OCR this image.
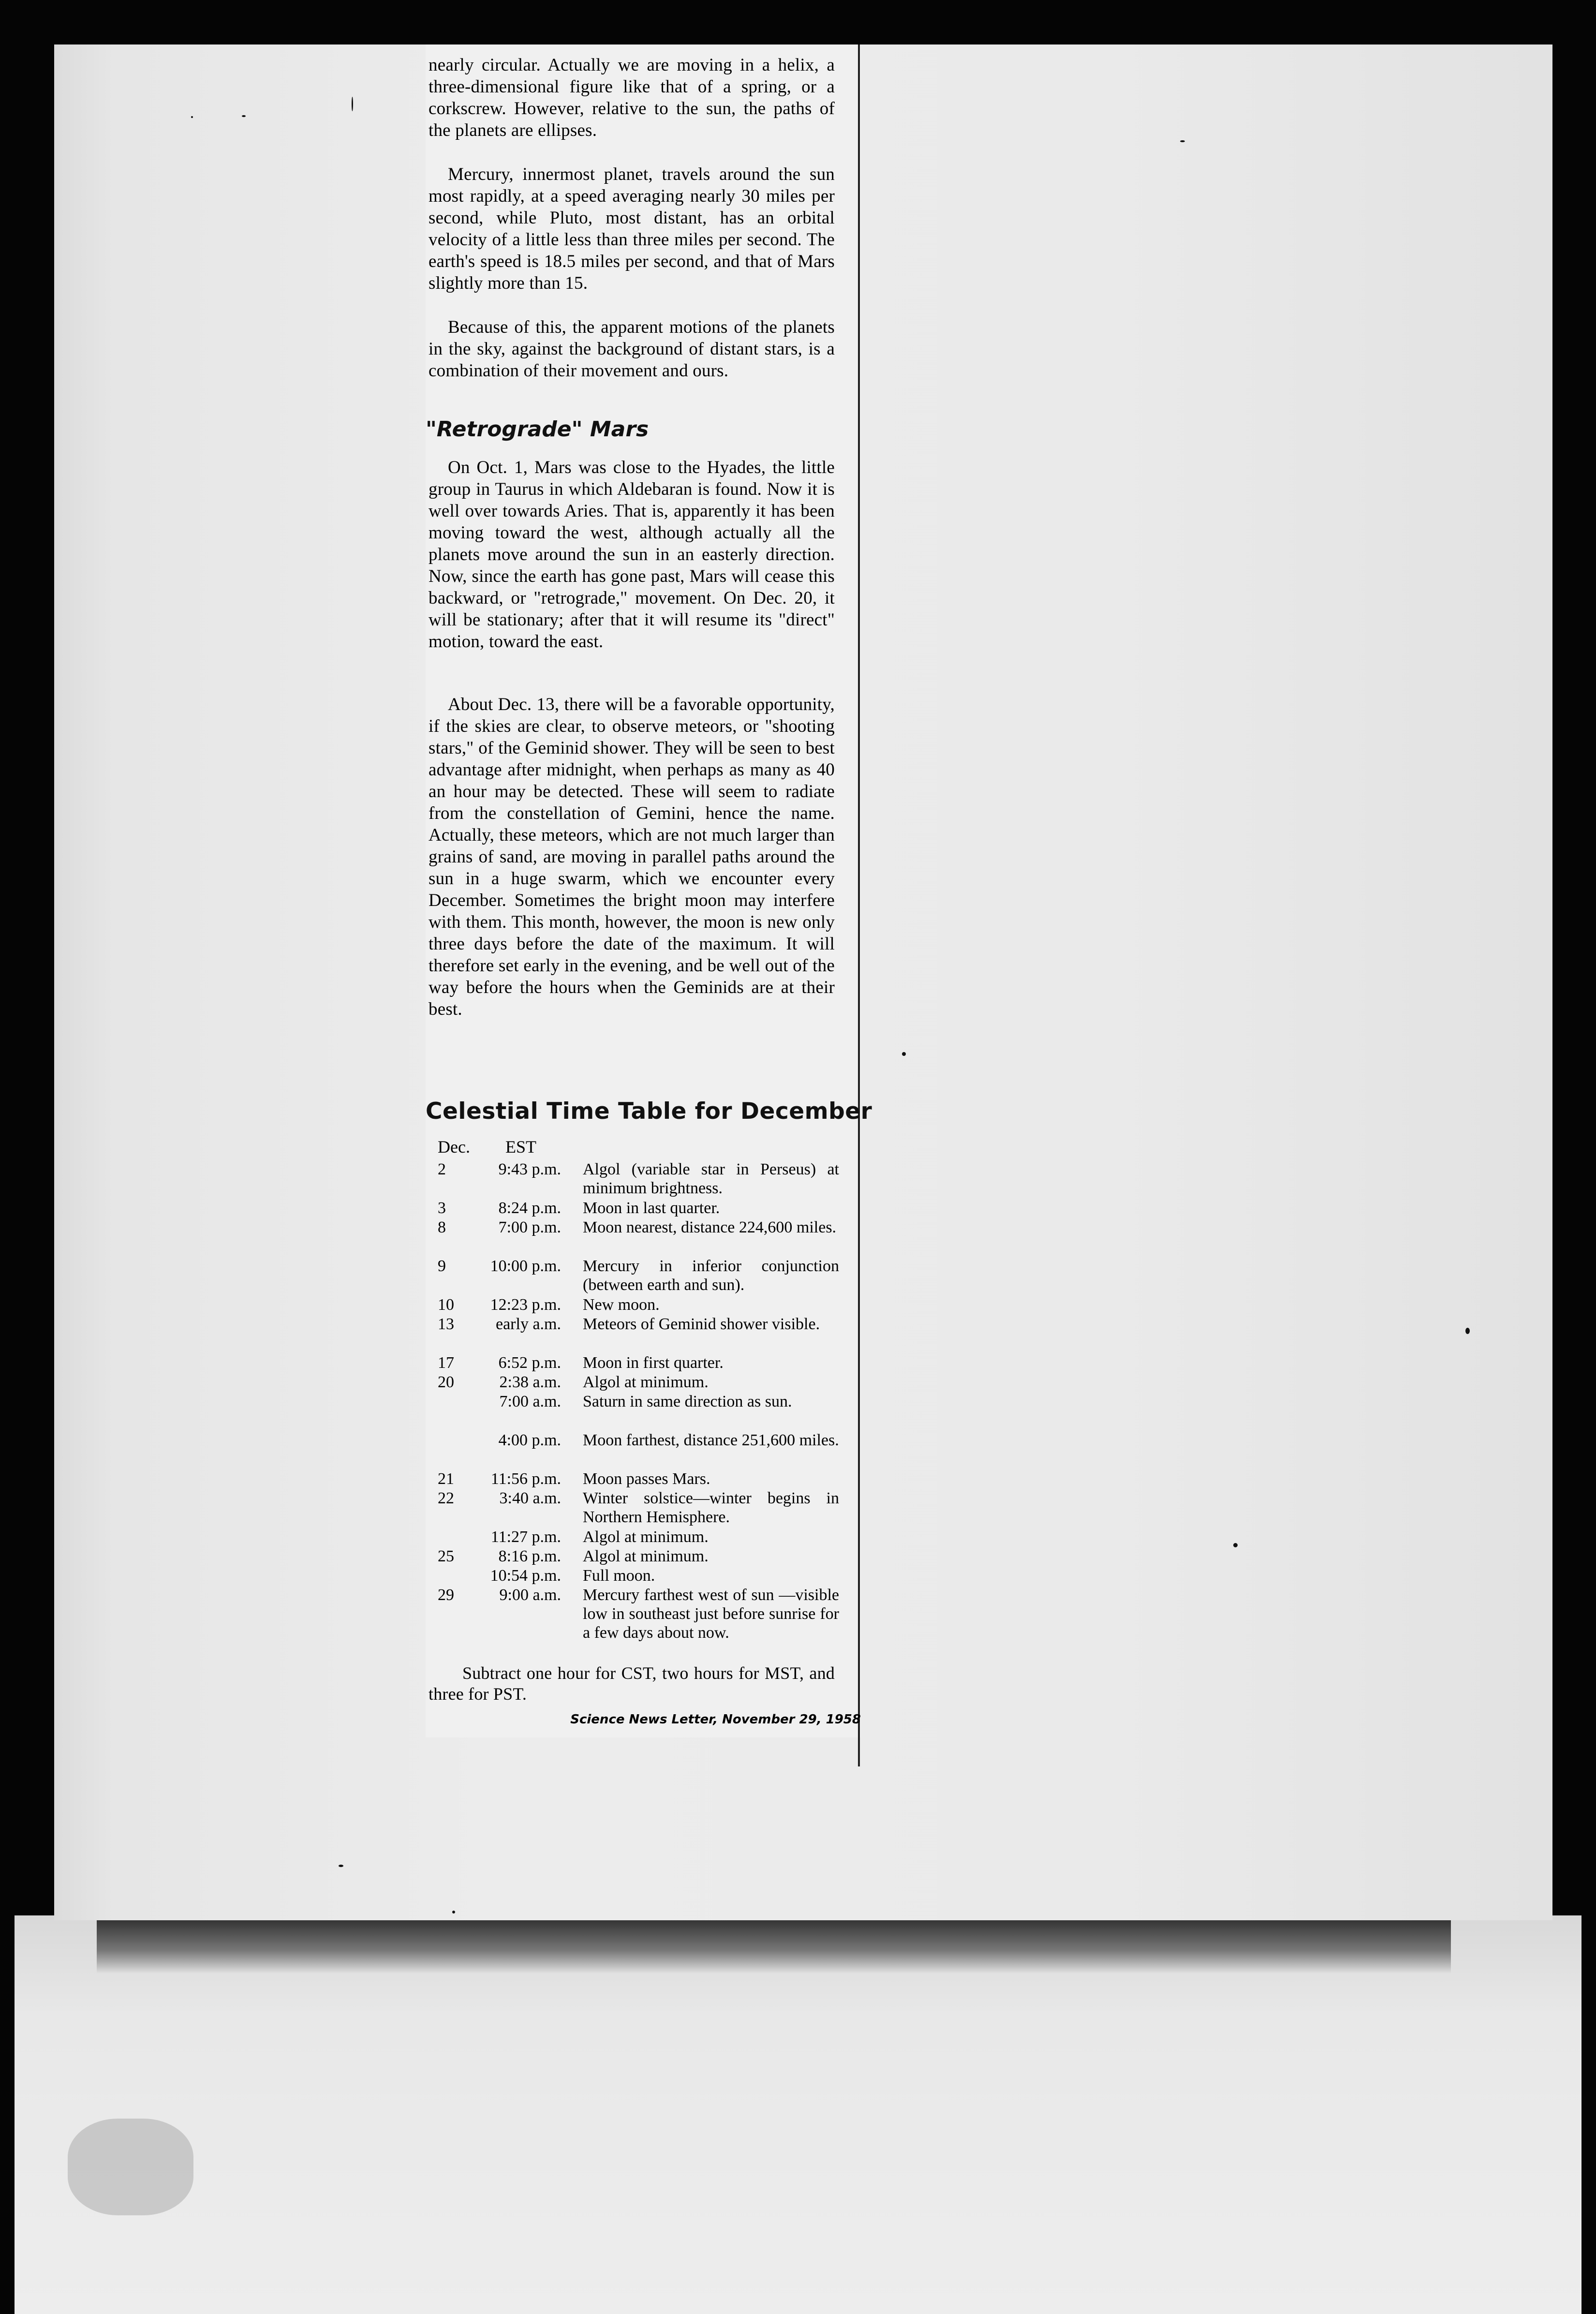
nearly circular. Actually we are moving in a helix, a three-dimensional figure like that of a spring, or a corkscrew. However, relative to the sun, the paths of the planets are ellipses.

Mercury, innermost planet, travels around the sun most rapidly, at a speed averaging nearly 30 miles per second, while Pluto, most distant, has an orbital velocity of a little less than three miles per second. The earth's speed is 18.5 miles per second, and that of Mars slightly more than 15.

Because of this, the apparent motions of the planets in the sky, against the background of distant stars, is a combination of their movement and ours.

"Retrograde" Mars

On Oct. 1, Mars was close to the Hyades, the little group in Taurus in which Aldebaran is found. Now it is well over towards Aries. That is, apparently it has been moving toward the west, although actually all the planets move around the sun in an easterly direction. Now, since the earth has gone past, Mars will cease this backward, or "retrograde," movement. On Dec. 20, it will be stationary; after that it will resume its "direct" motion, toward the east.

About Dec. 13, there will be a favorable opportunity, if the skies are clear, to observe meteors, or "shooting stars," of the Geminid shower. They will be seen to best advantage after midnight, when perhaps as many as 40 an hour may be detected. These will seem to radiate from the constellation of Gemini, hence the name. Actually, these meteors, which are not much larger than grains of sand, are moving in parallel paths around the sun in a huge swarm, which we encounter every December. Sometimes the bright moon may interfere with them. This month, however, the moon is new only three days before the date of the maximum. It will therefore set early in the evening, and be well out of the way before the hours when the Geminids are at their best.

Celestial Time Table for December
Dec. EST
2	9:43 p.m. Algol (variable star in Perseus) at minimum brightness.
3	8:24 p.m. Moon in last quarter.
8	7:00 p.m. Moon nearest, distance 224,600 miles.
9	10:00 p.m. Mercury in inferior conjunction (between earth and sun).
10	12:23 p.m. New moon.
13	early a.m. Meteors of Geminid shower visible.
17	6:52 p.m. Moon in first quarter.
20	2:38 a.m. Algol at minimum.
7:00 a.m. Saturn in same direction as sun.
4:00 p.m. Moon farthest, distance 251,600 miles.
21	11:56 p.m. Moon passes Mars.
22	3:40 a.m. Winter solstice—winter begins in Northern Hemisphere.
11:27 p.m. Algol at minimum.
25	8:16 p.m. Algol at minimum.
10:54 p.m. Full moon.
29	9:00 a.m. Mercury farthest west of sun —visible low in southeast just before sunrise for a few days about now.

Subtract one hour for CST, two hours for MST, and three for PST.

Science News Letter, November 29, 1958
